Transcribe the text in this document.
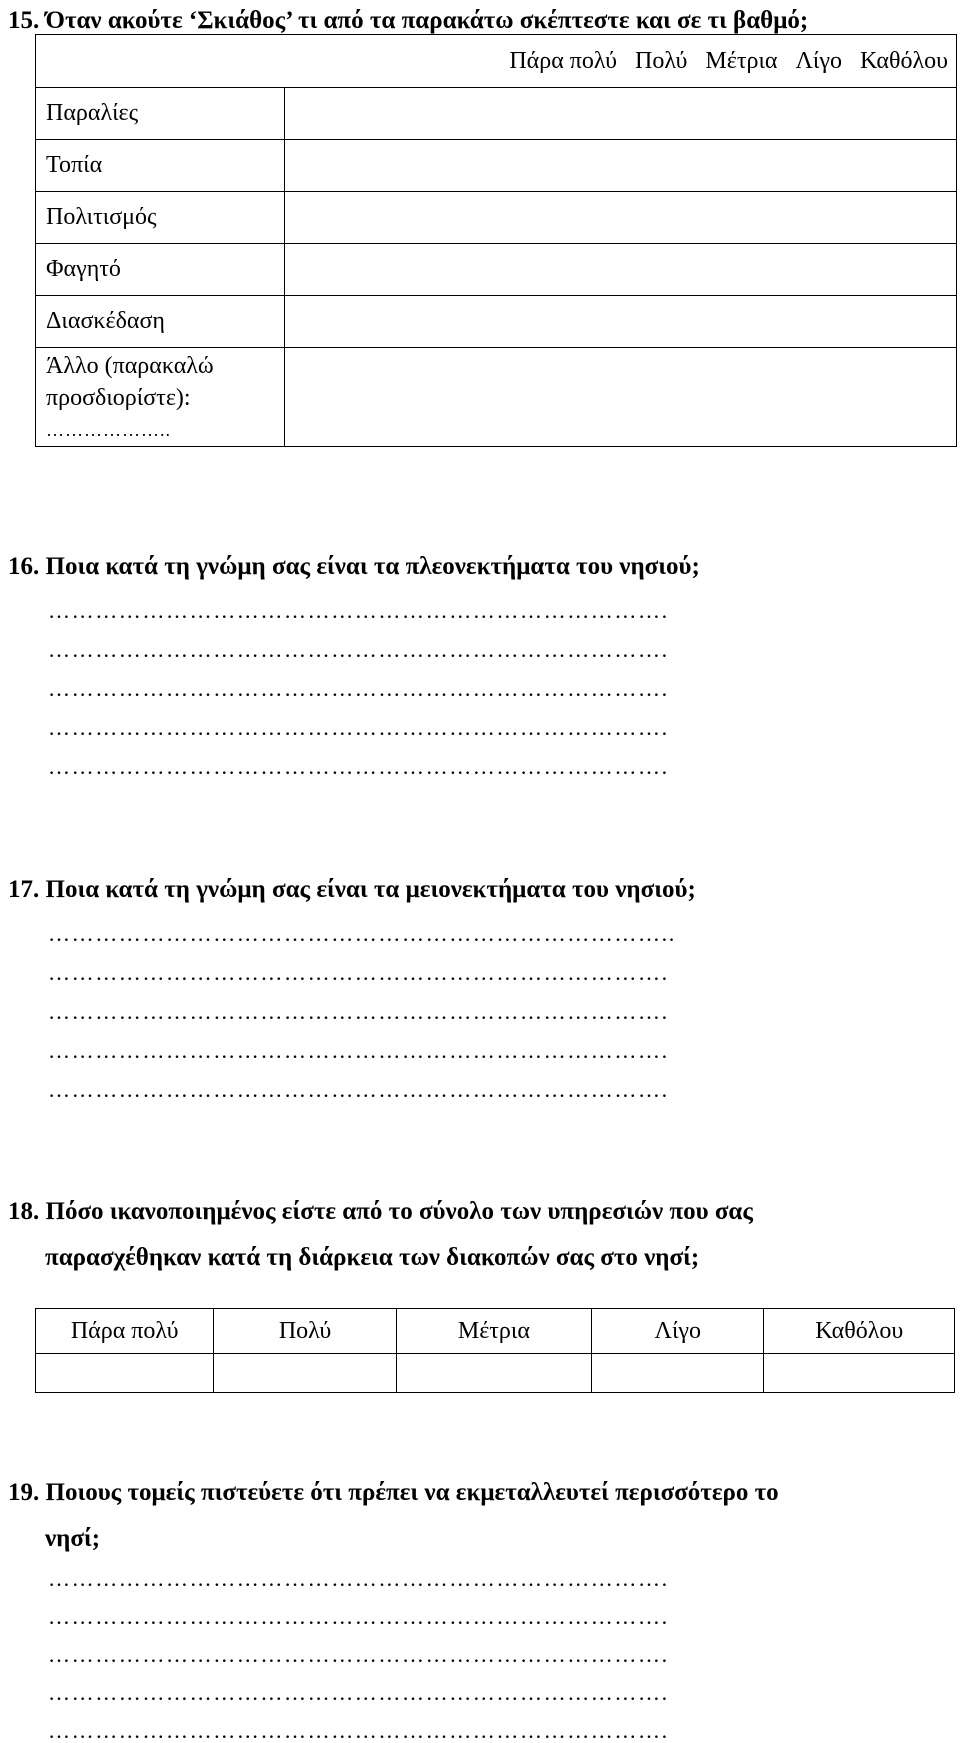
15. Όταν ακούτε ‘Σκιάθος’ τι από τα παρακάτω σκέπτεστε και σε τι βαθμό;
Πάρα πολύ Πολύ Μέτρια Λίγο Καθόλου	
Παραλίες	
Τοπία	
Πολιτισμός	
Φαγητό	
Διασκέδαση	

Άλλο (παρακαλώ
προσδιορίστε):
………………..	

16. Ποια κατά τη γνώμη σας είναι τα πλεονεκτήματα του νησιού;
…………………………………………………………………….
…………………………………………………………………….
…………………………………………………………………….
…………………………………………………………………….
…………………………………………………………………….
17. Ποια κατά τη γνώμη σας είναι τα μειονεκτήματα του νησιού;
……………………………………………………………………..
…………………………………………………………………….
…………………………………………………………………….
…………………………………………………………………….
…………………………………………………………………….
18. Πόσο ικανοποιημένος είστε από το σύνολο των υπηρεσιών που σας
παρασχέθηκαν κατά τη διάρκεια των διακοπών σας στο νησί;
Πάρα πολύ	Πολύ	Μέτρια	Λίγο	Καθόλου

19. Ποιους τομείς πιστεύετε ότι πρέπει να εκμεταλλευτεί περισσότερο το
νησί;
…………………………………………………………………….
…………………………………………………………………….
…………………………………………………………………….
…………………………………………………………………….
…………………………………………………………………….
